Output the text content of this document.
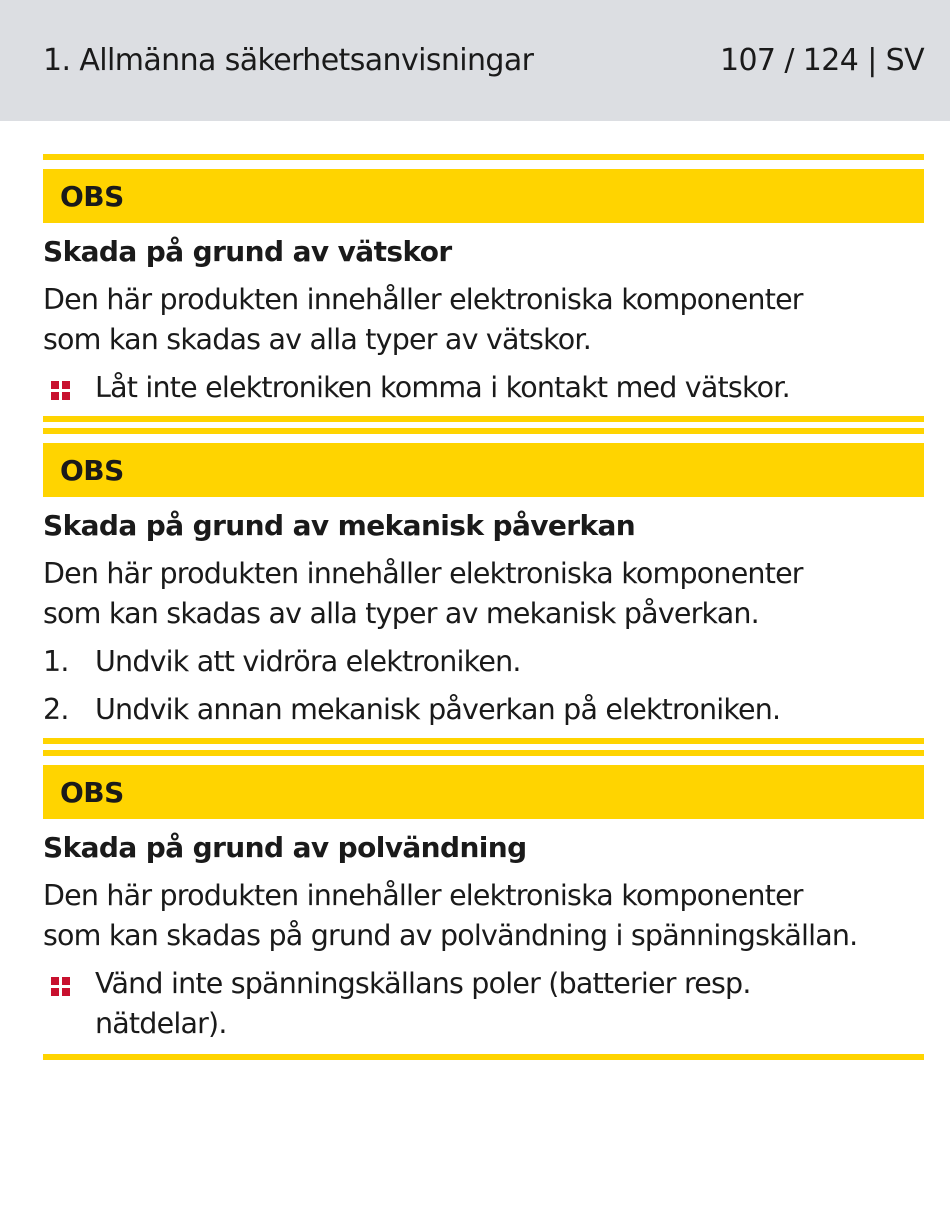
1. Allmänna säkerhetsanvisningar	107 / 124 | SV
OBS
Skada på grund av vätskor
Den här produkten innehåller elektroniska komponenter
som kan skadas av alla typer av vätskor.
Låt inte elektroniken komma i kontakt med vätskor.
OBS
Skada på grund av mekanisk påverkan
Den här produkten innehåller elektroniska komponenter
som kan skadas av alla typer av mekanisk påverkan.
1. Undvik att vidröra elektroniken.
2. Undvik annan mekanisk påverkan på elektroniken.
OBS
Skada på grund av polvändning
Den här produkten innehåller elektroniska komponenter
som kan skadas på grund av polvändning i spänningskällan.
Vänd inte spänningskällans poler (batterier resp.
nätdelar).
